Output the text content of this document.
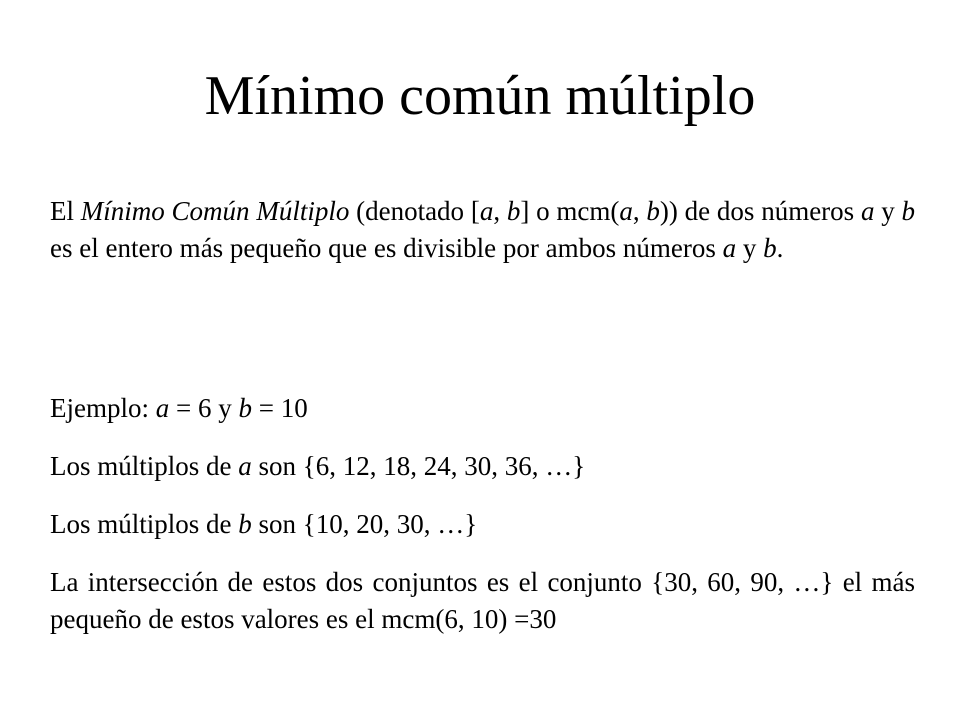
Mínimo común múltiplo

El Mínimo Común Múltiplo (denotado [a, b] o mcm(a, b)) de dos números a y b es el entero más pequeño que es divisible por ambos números a y b.

Ejemplo: a = 6 y b = 10

Los múltiplos de a son {6, 12, 18, 24, 30, 36, …}

Los múltiplos de b son {10, 20, 30, …}

La intersección de estos dos conjuntos es el conjunto {30, 60, 90, …} el más pequeño de estos valores es el mcm(6, 10) =30
